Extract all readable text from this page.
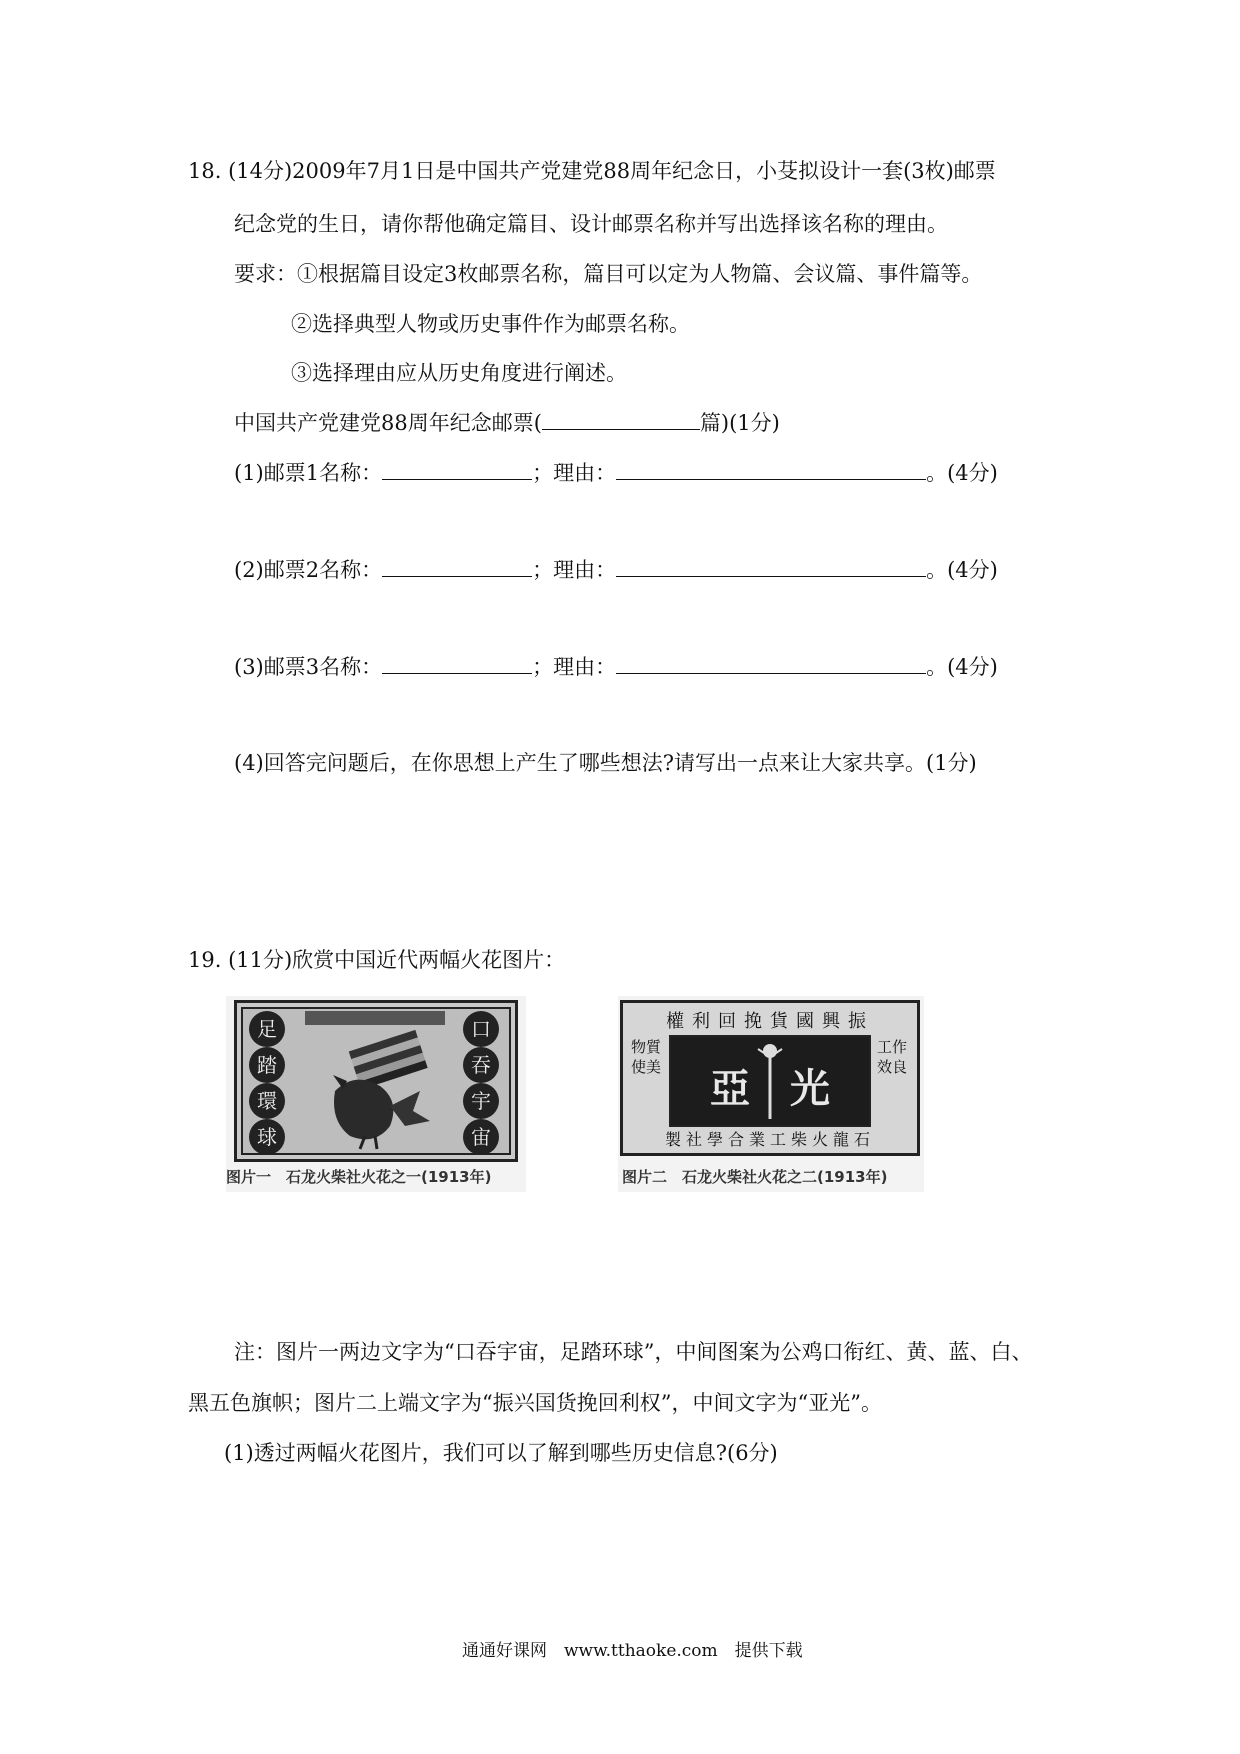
18. (14分)2009年7月1日是中国共产党建党88周年纪念日，小芟拟设计一套(3枚)邮票
纪念党的生日，请你帮他确定篇目、设计邮票名称并写出选择该名称的理由。
要求：①根据篇目设定3枚邮票名称，篇目可以定为人物篇、会议篇、事件篇等。
②选择典型人物或历史事件作为邮票名称。
③选择理由应从历史角度进行阐述。
中国共产党建党88周年纪念邮票(	篇)(1分)
(1)邮票1名称：	；理由：	。(4分)
(2)邮票2名称：	；理由：	。(4分)
(3)邮票3名称：	；理由：	。(4分)
(4)回答完问题后，在你思想上产生了哪些想法?请写出一点来让大家共享。(1分)
19. (11分)欣赏中国近代两幅火花图片：
足
踏
環
球
口
吞
宇
宙
图片一　石龙火柴社火花之一(1913年)
權利回挽貨國興振
亞　光
物質使美
工作效良
製社學合業工柴火龍石
图片二　石龙火柴社火花之二(1913年)
注：图片一两边文字为“口吞宇宙，足踏环球”，中间图案为公鸡口衔红、黄、蓝、白、
黑五色旗帜；图片二上端文字为“振兴国货挽回利权”，中间文字为“亚光”。
(1)透过两幅火花图片，我们可以了解到哪些历史信息?(6分)
通通好课网　www.tthaoke.com　提供下载
